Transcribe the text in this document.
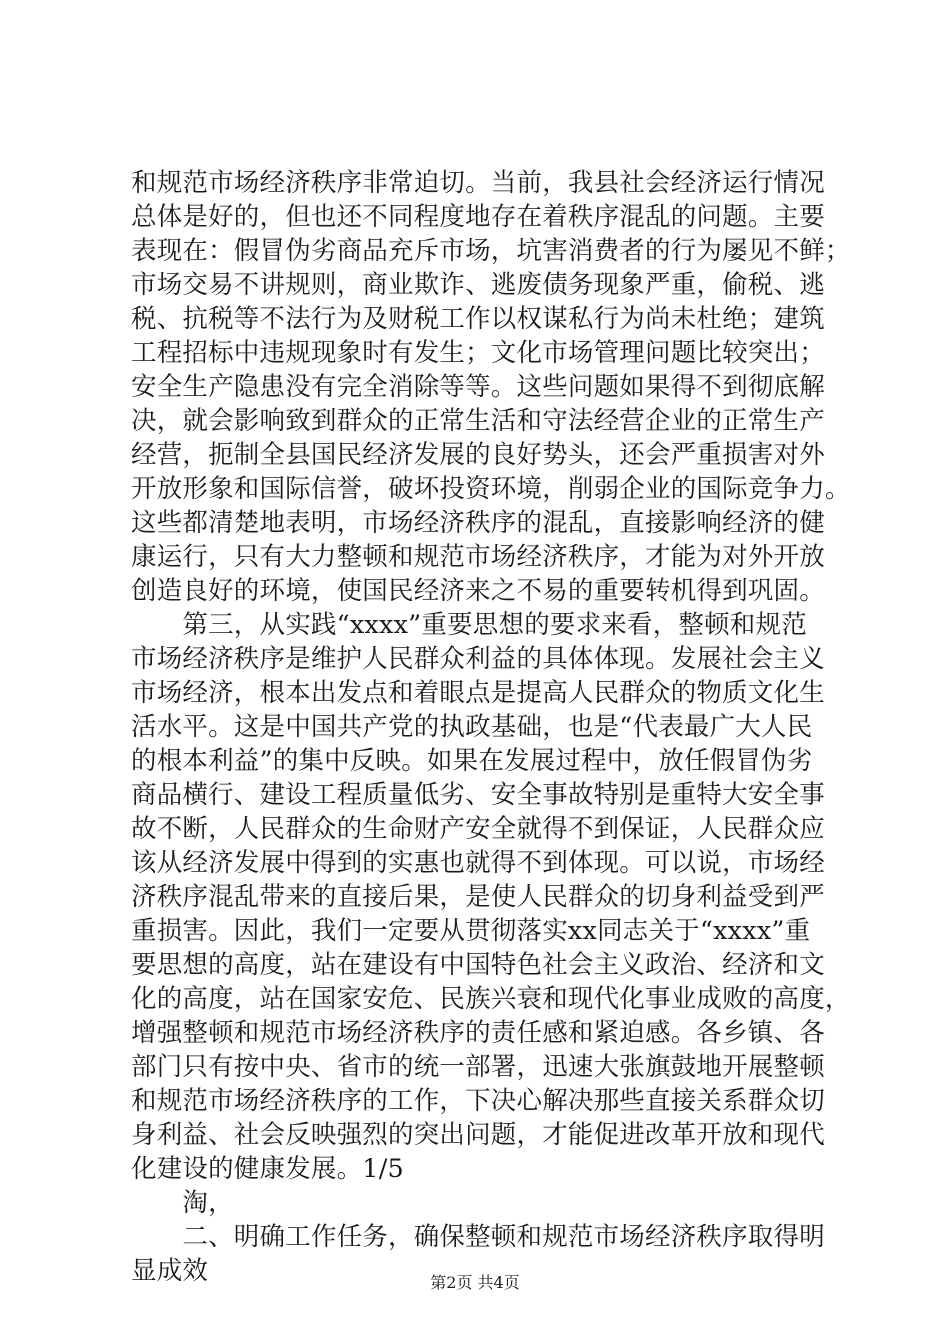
和规范市场经济秩序非常迫切。当前，我县社会经济运行情况
总体是好的，但也还不同程度地存在着秩序混乱的问题。主要
表现在：假冒伪劣商品充斥市场，坑害消费者的行为屡见不鲜；
市场交易不讲规则，商业欺诈、逃废债务现象严重，偷税、逃
税、抗税等不法行为及财税工作以权谋私行为尚未杜绝；建筑
工程招标中违规现象时有发生；文化市场管理问题比较突出；
安全生产隐患没有完全消除等等。这些问题如果得不到彻底解
决，就会影响致到群众的正常生活和守法经营企业的正常生产
经营，扼制全县国民经济发展的良好势头，还会严重损害对外
开放形象和国际信誉，破坏投资环境，削弱企业的国际竞争力。
这些都清楚地表明，市场经济秩序的混乱，直接影响经济的健
康运行，只有大力整顿和规范市场经济秩序，才能为对外开放
创造良好的环境，使国民经济来之不易的重要转机得到巩固。
　　第三，从实践“xxxx”重要思想的要求来看，整顿和规范
市场经济秩序是维护人民群众利益的具体体现。发展社会主义
市场经济，根本出发点和着眼点是提高人民群众的物质文化生
活水平。这是中国共产党的执政基础，也是“代表最广大人民
的根本利益”的集中反映。如果在发展过程中，放任假冒伪劣
商品横行、建设工程质量低劣、安全事故特别是重特大安全事
故不断，人民群众的生命财产安全就得不到保证，人民群众应
该从经济发展中得到的实惠也就得不到体现。可以说，市场经
济秩序混乱带来的直接后果，是使人民群众的切身利益受到严
重损害。因此，我们一定要从贯彻落实xx同志关于“xxxx”重
要思想的高度，站在建设有中国特色社会主义政治、经济和文
化的高度，站在国家安危、民族兴衰和现代化事业成败的高度，
增强整顿和规范市场经济秩序的责任感和紧迫感。各乡镇、各
部门只有按中央、省市的统一部署，迅速大张旗鼓地开展整顿
和规范市场经济秩序的工作，下决心解决那些直接关系群众切
身利益、社会反映强烈的突出问题，才能促进改革开放和现代
化建设的健康发展。1/5
　　淘，
　　二、明确工作任务，确保整顿和规范市场经济秩序取得明
显成效	第2页 共4页
